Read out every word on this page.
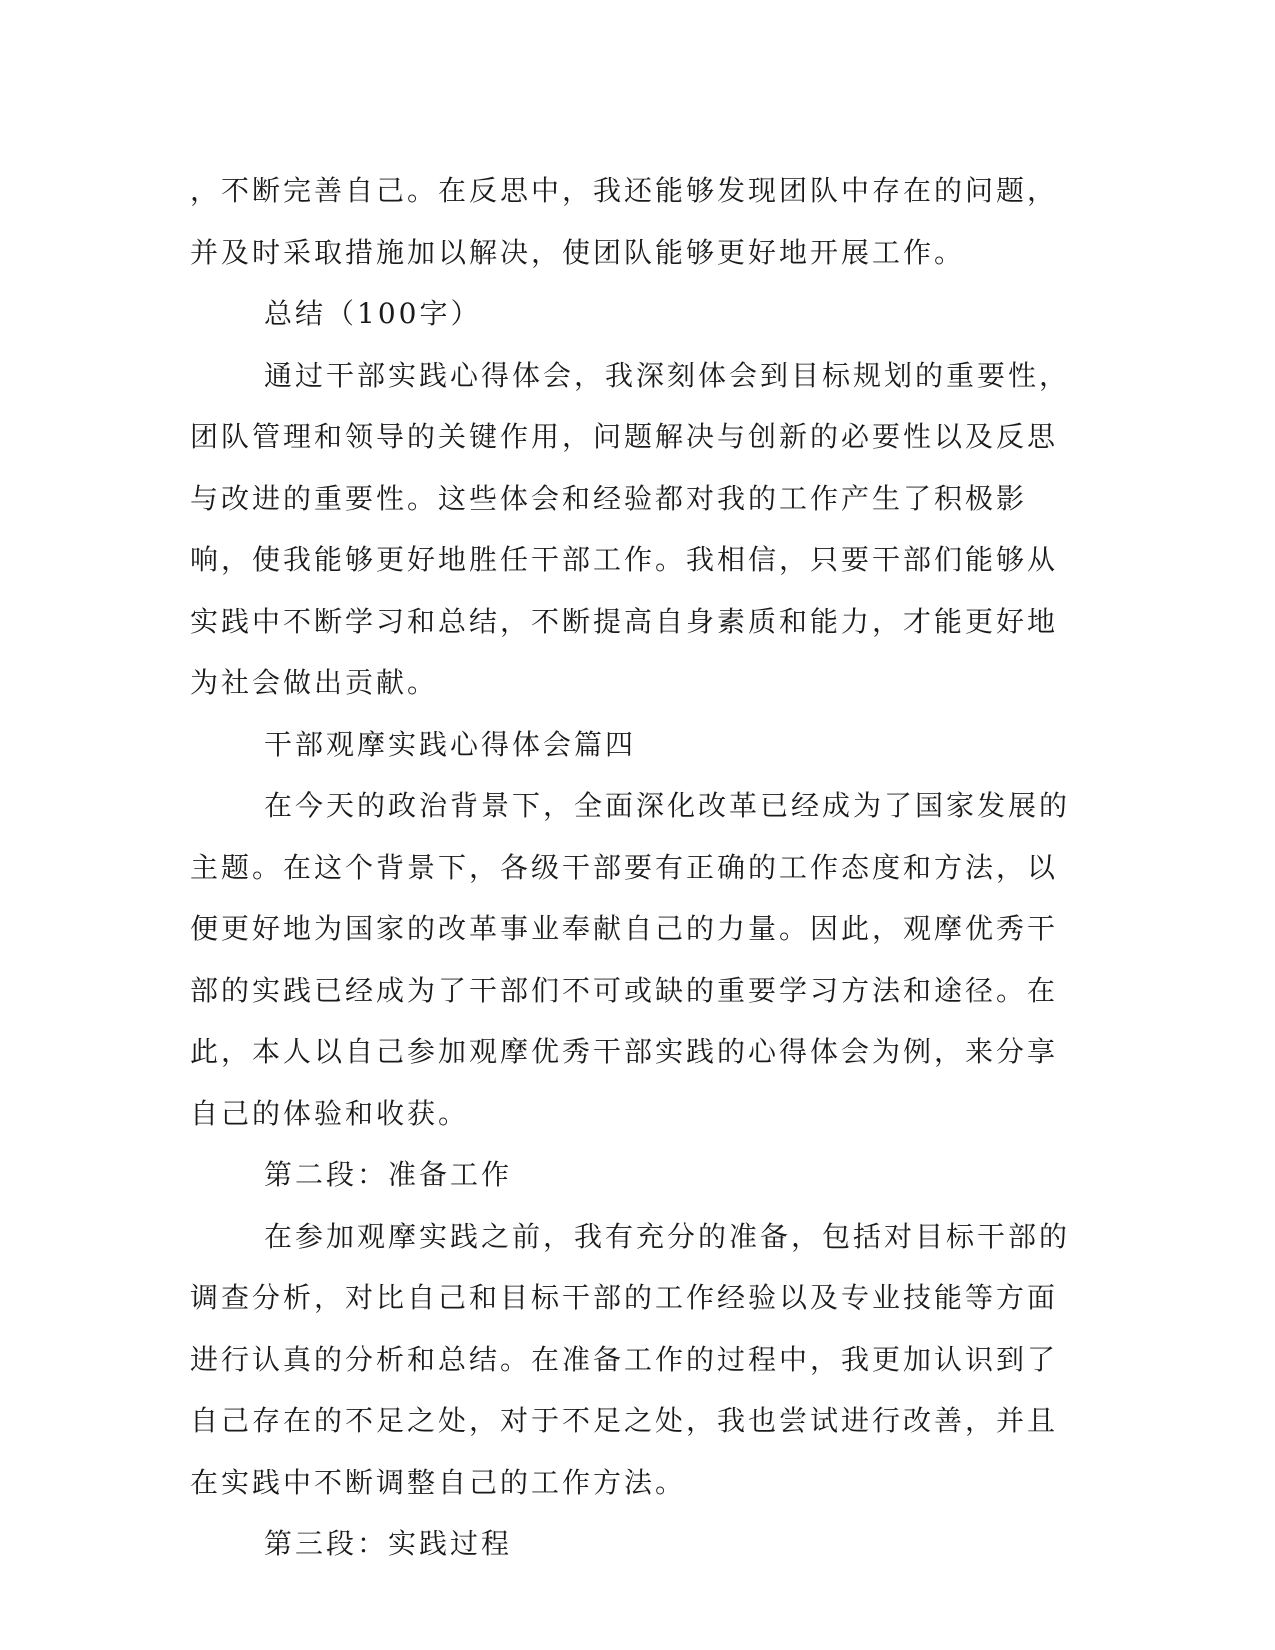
，不断完善自己。在反思中，我还能够发现团队中存在的问题，并及时采取措施加以解决，使团队能够更好地开展工作。

总结（100字）

通过干部实践心得体会，我深刻体会到目标规划的重要性，团队管理和领导的关键作用，问题解决与创新的必要性以及反思与改进的重要性。这些体会和经验都对我的工作产生了积极影响，使我能够更好地胜任干部工作。我相信，只要干部们能够从实践中不断学习和总结，不断提高自身素质和能力，才能更好地为社会做出贡献。

干部观摩实践心得体会篇四

在今天的政治背景下，全面深化改革已经成为了国家发展的主题。在这个背景下，各级干部要有正确的工作态度和方法，以便更好地为国家的改革事业奉献自己的力量。因此，观摩优秀干部的实践已经成为了干部们不可或缺的重要学习方法和途径。在此，本人以自己参加观摩优秀干部实践的心得体会为例，来分享自己的体验和收获。

第二段：准备工作

在参加观摩实践之前，我有充分的准备，包括对目标干部的调查分析，对比自己和目标干部的工作经验以及专业技能等方面进行认真的分析和总结。在准备工作的过程中，我更加认识到了自己存在的不足之处，对于不足之处，我也尝试进行改善，并且在实践中不断调整自己的工作方法。

第三段：实践过程
